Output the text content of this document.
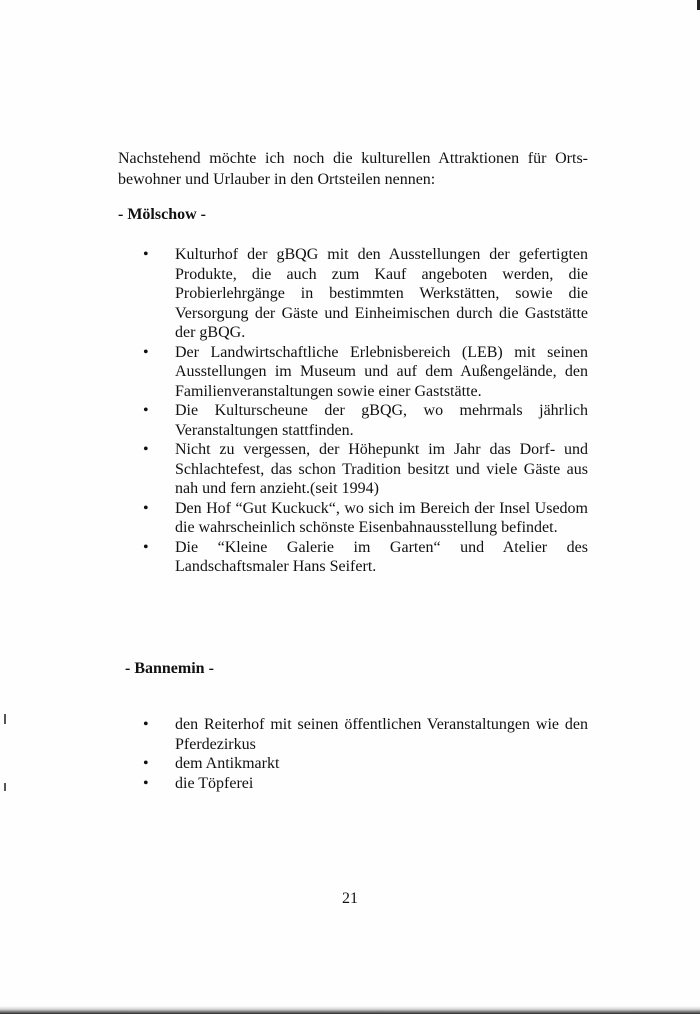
Nachstehend möchte ich noch die kulturellen Attraktionen für Orts-bewohner und Urlauber in den Ortsteilen nennen:

- Mölschow -

•	Kulturhof der gBQG mit den Ausstellungen der gefertigten Produkte, die auch zum Kauf angeboten werden, die Probierlehrgänge in bestimmten Werkstätten, sowie die Versorgung der Gäste und Einheimischen durch die Gaststätte der gBQG.
•	Der Landwirtschaftliche Erlebnisbereich (LEB) mit seinen Ausstellungen im Museum und auf dem Außengelände, den Familienveranstaltungen sowie einer Gaststätte.
•	Die Kulturscheune der gBQG, wo mehrmals jährlich Veranstaltungen stattfinden.
•	Nicht zu vergessen, der Höhepunkt im Jahr das Dorf- und Schlachtefest, das schon Tradition besitzt und viele Gäste aus nah und fern anzieht.(seit 1994)
•	Den Hof “Gut Kuckuck“, wo sich im Bereich der Insel Usedom die wahrscheinlich schönste Eisenbahnausstellung befindet.
•	Die “Kleine Galerie im Garten“ und Atelier des Landschaftsmaler Hans Seifert.

- Bannemin -

•	den Reiterhof mit seinen öffentlichen Veranstaltungen wie den Pferdezirkus
•	dem Antikmarkt
•	die Töpferei
21
